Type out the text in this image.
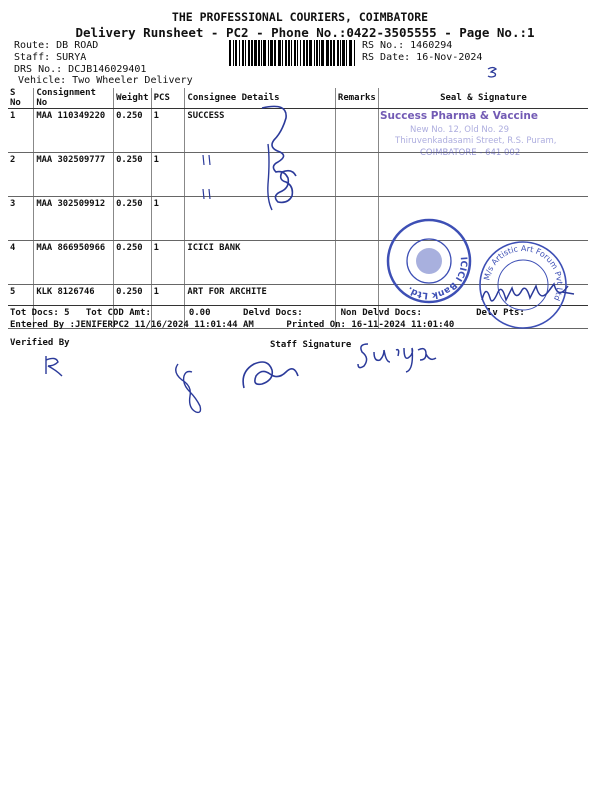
THE PROFESSIONAL COURIERS, COIMBATORE
Delivery Runsheet - PC2 - Phone No.:0422-3505555 - Page No.:1
Route: DB ROAD
Staff: SURYA
DRS No.: DCJB146029401
Vehicle: Two Wheeler Delivery
RS No.: 1460294
RS Date: 16-Nov-2024
S No	Consignment No	Weight	PCS	Consignee Details	Remarks	Seal & Signature
1	MAA 110349220	0.250	1	SUCCESS		
2	MAA 302509777	0.250	1			
3	MAA 302509912	0.250	1			
4	MAA 866950966	0.250	1	ICICI BANK		
5	KLK 8126746	0.250	1	ART FOR ARCHITE		
Tot Docs: 5 Tot COD Amt:	0.00	Delvd Docs:	Non Delvd Docs:	Delv Pts:
Entered By :JENIFERPC2 11/16/2024 11:01:44 AM	Printed On: 16-11-2024 11:01:40
Verified By	Staff Signature
Success Pharma & Vaccine
New No. 12, Old No. 29
Thiruvenkadasami Street, R.S. Puram,
COIMBATORE - 641 002
ICICI Bank Ltd.
M/s Artistic Art Forum Pvt Ltd
